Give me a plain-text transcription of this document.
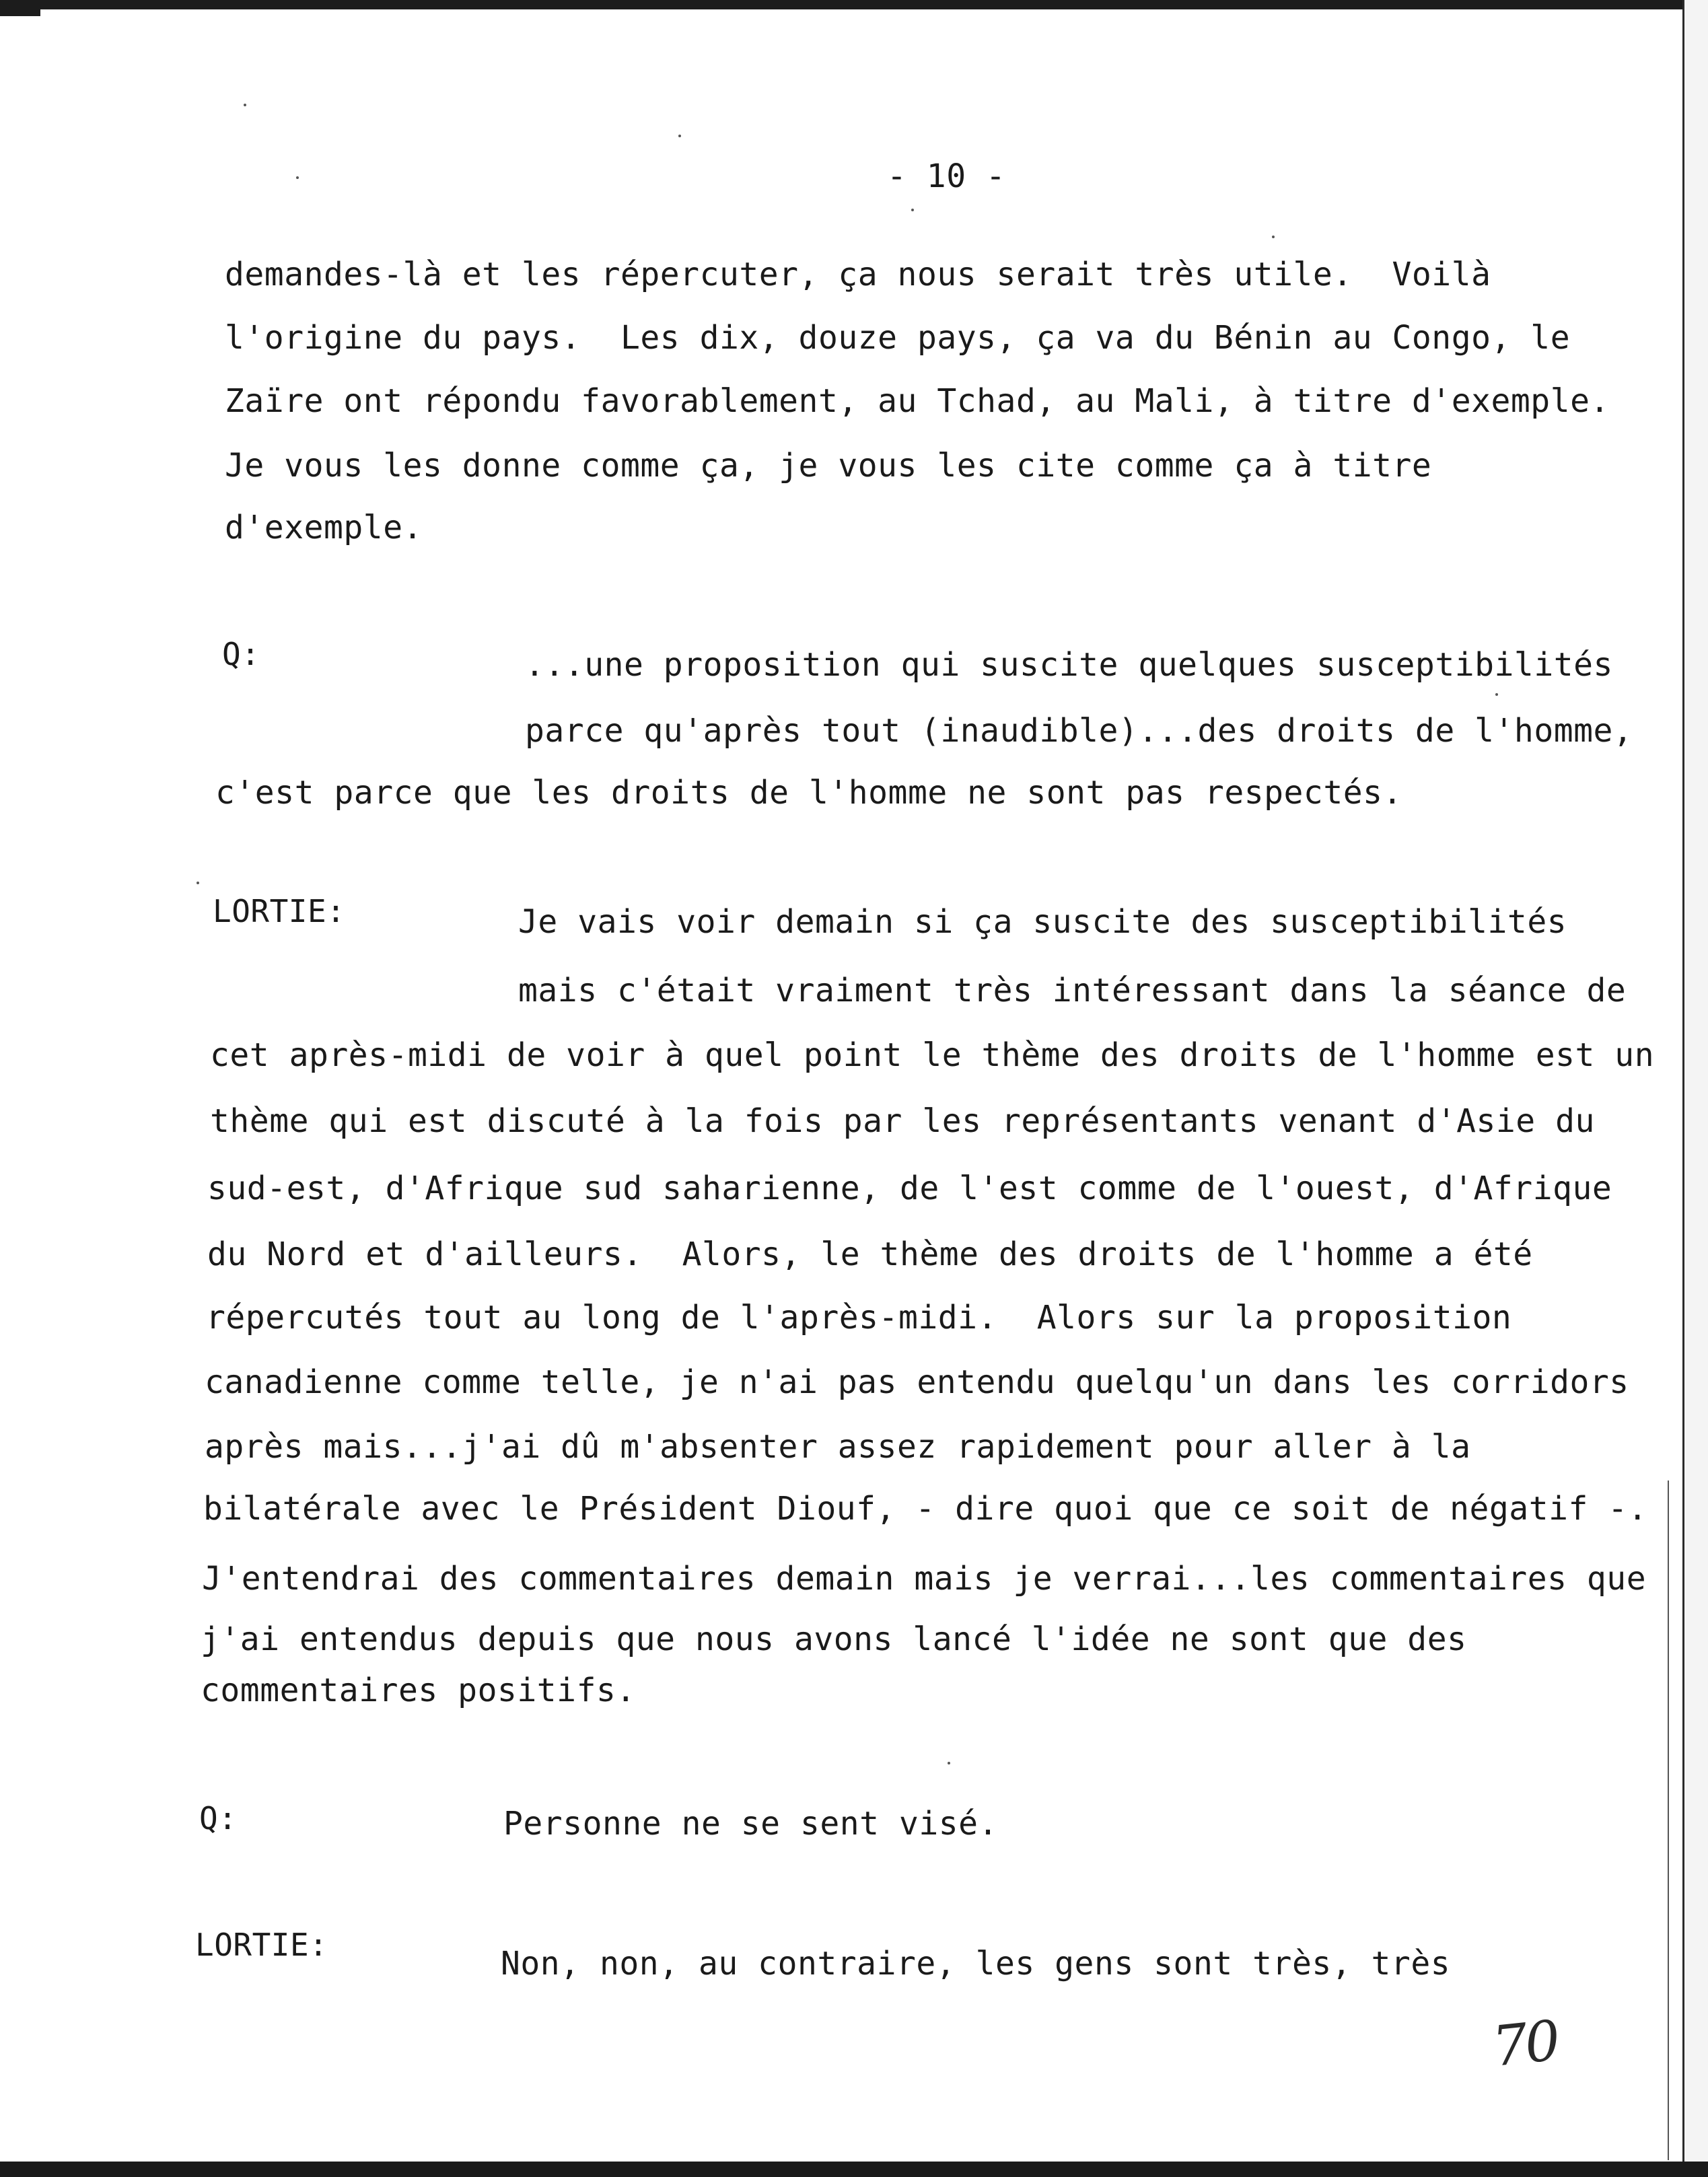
- 10 -
demandes-là et les répercuter, ça nous serait très utile.  Voilà
l'origine du pays.  Les dix, douze pays, ça va du Bénin au Congo, le
Zaïre ont répondu favorablement, au Tchad, au Mali, à titre d'exemple.
Je vous les donne comme ça, je vous les cite comme ça à titre
d'exemple.
Q:	...une proposition qui suscite quelques susceptibilités
parce qu'après tout (inaudible)...des droits de l'homme,
c'est parce que les droits de l'homme ne sont pas respectés.
LORTIE:	Je vais voir demain si ça suscite des susceptibilités
mais c'était vraiment très intéressant dans la séance de
cet après-midi de voir à quel point le thème des droits de l'homme est un
thème qui est discuté à la fois par les représentants venant d'Asie du
sud-est, d'Afrique sud saharienne, de l'est comme de l'ouest, d'Afrique
du Nord et d'ailleurs.  Alors, le thème des droits de l'homme a été
répercutés tout au long de l'après-midi.  Alors sur la proposition
canadienne comme telle, je n'ai pas entendu quelqu'un dans les corridors
après mais...j'ai dû m'absenter assez rapidement pour aller à la
bilatérale avec le Président Diouf, - dire quoi que ce soit de négatif -.
J'entendrai des commentaires demain mais je verrai...les commentaires que
j'ai entendus depuis que nous avons lancé l'idée ne sont que des
commentaires positifs.
Q:	Personne ne se sent visé.
LORTIE:	Non, non, au contraire, les gens sont très, très
70
